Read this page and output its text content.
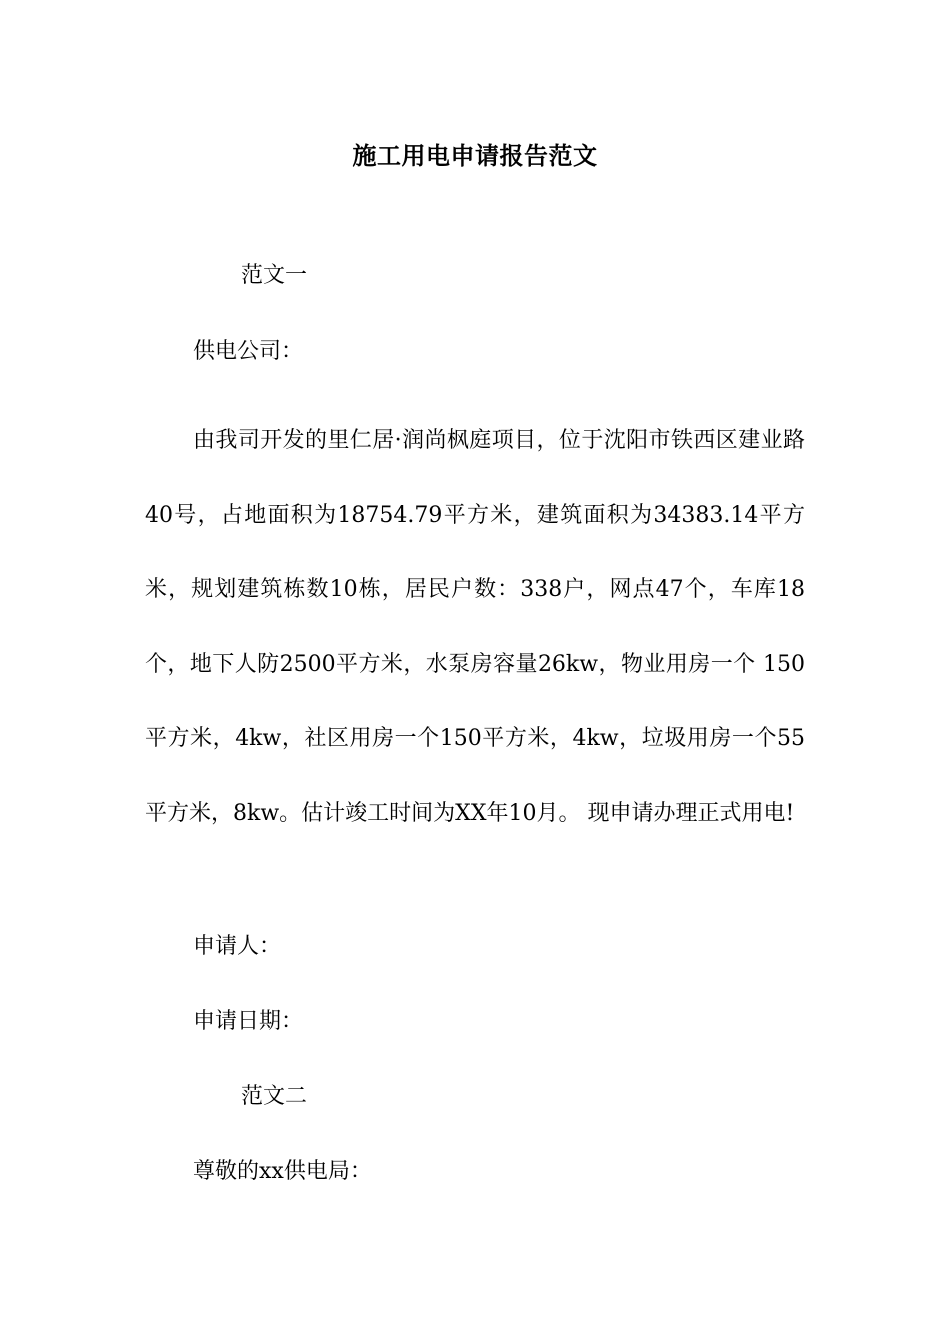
施工用电申请报告范文
范文一
供电公司：

由我司开发的里仁居·润尚枫庭项目，位于沈阳市铁西区建业路40号，占地面积为18754.79平方米，建筑面积为34383.14平方米，规划建筑栋数10栋，居民户数：338户，网点47个，车库18个，地下人防2500平方米，水泵房容量26kw，物业用房一个 150平方米，4kw，社区用房一个150平方米，4kw，垃圾用房一个55平方米，8kw。估计竣工时间为XX年10月。 现申请办理正式用电!

申请人：
申请日期：
范文二
尊敬的xx供电局：
